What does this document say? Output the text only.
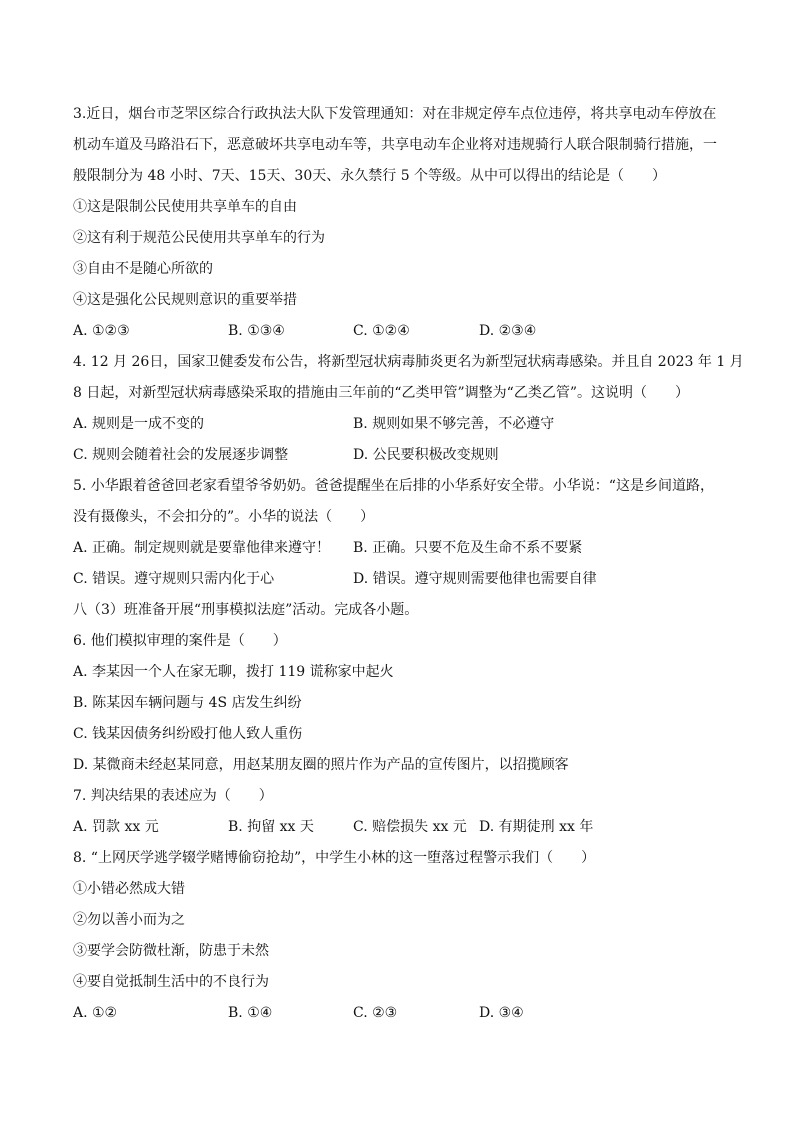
3.近日，烟台市芝罘区综合行政执法大队下发管理通知：对在非规定停车点位违停，将共享电动车停放在
机动车道及马路沿石下，恶意破坏共享电动车等，共享电动车企业将对违规骑行人联合限制骑行措施，一
般限制分为 48 小时、7天、15天、30天、永久禁行 5 个等级。从中可以得出的结论是（　　）
①这是限制公民使用共享单车的自由
②这有利于规范公民使用共享单车的行为
③自由不是随心所欲的
④这是强化公民规则意识的重要举措
A. ①②③	B. ①③④	C. ①②④	D. ②③④
4. 12 月 26日，国家卫健委发布公告，将新型冠状病毒肺炎更名为新型冠状病毒感染。并且自 2023 年 1 月
8 日起，对新型冠状病毒感染采取的措施由三年前的“乙类甲管”调整为“乙类乙管”。这说明（　　）
A. 规则是一成不变的	B. 规则如果不够完善，不必遵守
C. 规则会随着社会的发展逐步调整	D. 公民要积极改变规则
5. 小华跟着爸爸回老家看望爷爷奶奶。爸爸提醒坐在后排的小华系好安全带。小华说：“这是乡间道路，
没有摄像头，不会扣分的”。小华的说法（　　）
A. 正确。制定规则就是要靠他律来遵守！ B. 正确。只要不危及生命不系不要紧
C. 错误。遵守规则只需内化于心	D. 错误。遵守规则需要他律也需要自律
八（3）班准备开展“刑事模拟法庭”活动。完成各小题。
6. 他们模拟审理的案件是（　　）
A. 李某因一个人在家无聊，拨打 119 谎称家中起火
B. 陈某因车辆问题与 4S 店发生纠纷
C. 钱某因债务纠纷殴打他人致人重伤
D. 某微商未经赵某同意，用赵某朋友圈的照片作为产品的宣传图片，以招揽顾客
7. 判决结果的表述应为（　　）
A. 罚款 xx 元	B. 拘留 xx 天	C. 赔偿损失 xx 元 D. 有期徒刑 xx 年
8. “上网厌学逃学辍学赌博偷窃抢劫”，中学生小林的这一堕落过程警示我们（　　）
①小错必然成大错
②勿以善小而为之
③要学会防微杜渐，防患于未然
④要自觉抵制生活中的不良行为
A. ①②	B. ①④	C. ②③	D. ③④
